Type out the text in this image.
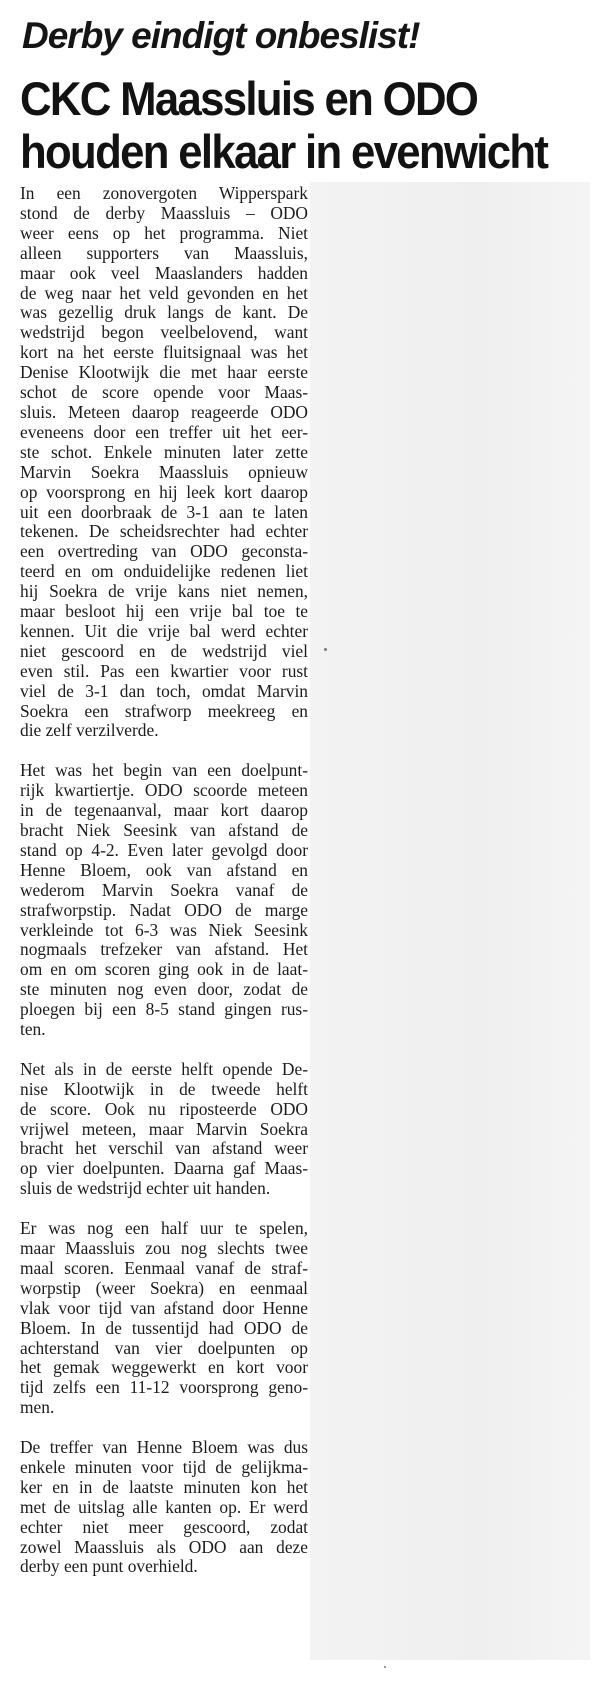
Derby eindigt onbeslist!
CKC Maassluis en ODO
houden elkaar in evenwicht
In een zonovergoten Wipperspark
stond de derby Maassluis – ODO
weer eens op het programma. Niet
alleen supporters van Maassluis,
maar ook veel Maaslanders hadden
de weg naar het veld gevonden en het
was gezellig druk langs de kant. De
wedstrijd begon veelbelovend, want
kort na het eerste fluitsignaal was het
Denise Klootwijk die met haar eerste
schot de score opende voor Maas-
sluis. Meteen daarop reageerde ODO
eveneens door een treffer uit het eer-
ste schot. Enkele minuten later zette
Marvin Soekra Maassluis opnieuw
op voorsprong en hij leek kort daarop
uit een doorbraak de 3-1 aan te laten
tekenen. De scheidsrechter had echter
een overtreding van ODO geconsta-
teerd en om onduidelijke redenen liet
hij Soekra de vrije kans niet nemen,
maar besloot hij een vrije bal toe te
kennen. Uit die vrije bal werd echter
niet gescoord en de wedstrijd viel
even stil. Pas een kwartier voor rust
viel de 3-1 dan toch, omdat Marvin
Soekra een strafworp meekreeg en
die zelf verzilverde.
Het was het begin van een doelpunt-
rijk kwartiertje. ODO scoorde meteen
in de tegenaanval, maar kort daarop
bracht Niek Seesink van afstand de
stand op 4-2. Even later gevolgd door
Henne Bloem, ook van afstand en
wederom Marvin Soekra vanaf de
strafworpstip. Nadat ODO de marge
verkleinde tot 6-3 was Niek Seesink
nogmaals trefzeker van afstand. Het
om en om scoren ging ook in de laat-
ste minuten nog even door, zodat de
ploegen bij een 8-5 stand gingen rus-
ten.
Net als in de eerste helft opende De-
nise Klootwijk in de tweede helft
de score. Ook nu riposteerde ODO
vrijwel meteen, maar Marvin Soekra
bracht het verschil van afstand weer
op vier doelpunten. Daarna gaf Maas-
sluis de wedstrijd echter uit handen.
Er was nog een half uur te spelen,
maar Maassluis zou nog slechts twee
maal scoren. Eenmaal vanaf de straf-
worpstip (weer Soekra) en eenmaal
vlak voor tijd van afstand door Henne
Bloem. In de tussentijd had ODO de
achterstand van vier doelpunten op
het gemak weggewerkt en kort voor
tijd zelfs een 11-12 voorsprong geno-
men.
De treffer van Henne Bloem was dus
enkele minuten voor tijd de gelijkma-
ker en in de laatste minuten kon het
met de uitslag alle kanten op. Er werd
echter niet meer gescoord, zodat
zowel Maassluis als ODO aan deze
derby een punt overhield.
